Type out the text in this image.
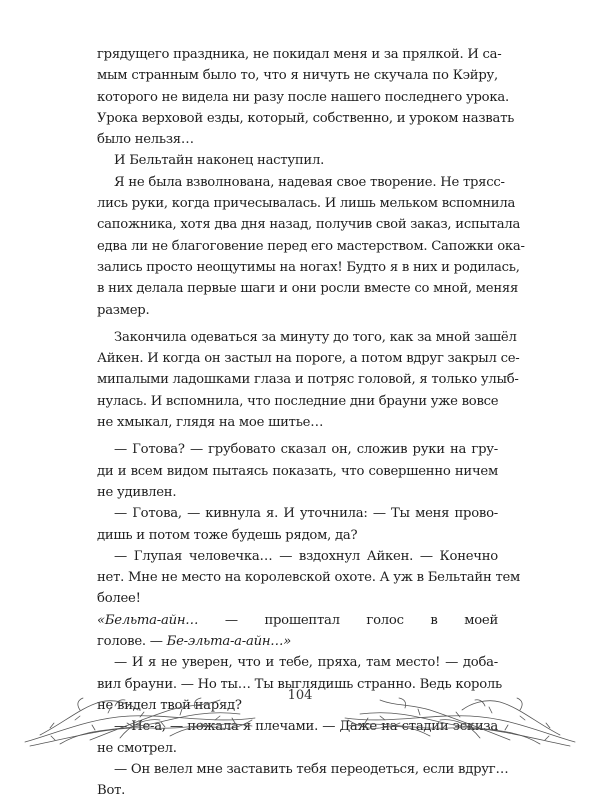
грядущего праздника, не покидал меня и за прялкой. И са-
мым странным было то, что я ничуть не скучала по Кэйру,
которого не видела ни разу после нашего последнего урока.
Урока верховой езды, который, собственно, и уроком назвать
было нельзя…
И Бельтайн наконец наступил.
Я не была взволнована, надевая свое творение. Не трясс-
лись руки, когда причесывалась. И лишь мельком вспомнила
сапожника, хотя два дня назад, получив свой заказ, испытала
едва ли не благоговение перед его мастерством. Сапожки ока-
зались просто неощутимы на ногах! Будто я в них и родилась,
в них делала первые шаги и они росли вместе со мной, меняя
размер.
Закончила одеваться за минуту до того, как за мной зашёл
Айкен. И когда он застыл на пороге, а потом вдруг закрыл се-
мипалыми ладошками глаза и потряс головой, я только улыб-
нулась. И вспомнила, что последние дни брауни уже вовсе
не хмыкал, глядя на мое шитье…
— Готова? — грубовато сказал он, сложив руки на гру-
ди и всем видом пытаясь показать, что совершенно ничем
не удивлен.
— Готова, — кивнула я. И уточнила: — Ты меня прово-
дишь и потом тоже будешь рядом, да?
— Глупая человечка… — вздохнул Айкен. — Конечно
нет. Мне не место на королевской охоте. А уж в Бельтайн тем
более!
«Бельта-айн… — прошептал голос в моей
голове. — Бе-эльта-а-айн…»
— И я не уверен, что и тебе, пряха, там место! — доба-
вил брауни. — Но ты… Ты выглядишь странно. Ведь король
не видел твой наряд?
— Не-а, — пожала я плечами. — Даже на стадии эскиза
не смотрел.
— Он велел мне заставить тебя переодеться, если вдруг…
Вот.
104
